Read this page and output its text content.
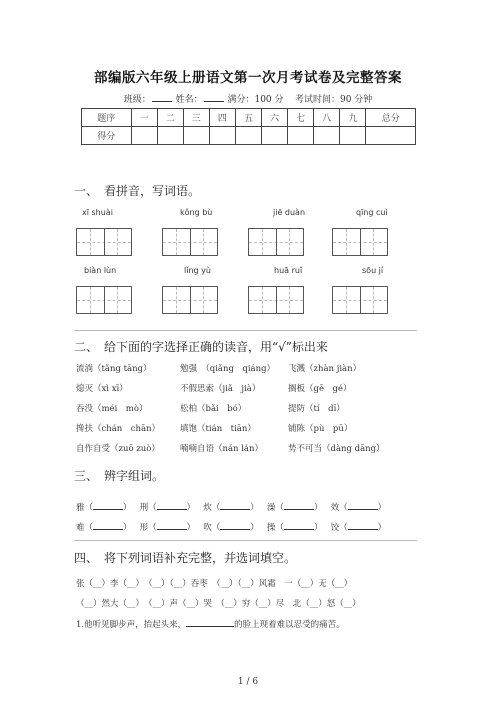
部编版六年级上册语文第一次月考试卷及完整答案
班级：	姓名：	满分：100 分 考试时间：90 分钟
题序	一	二	三	四	五	六	七	八	九	总分
得分										
一、　看拼音，写词语。
xī shuài	kǒng bù	jiē duàn	qīng cuì
biàn lùn	lǐng yù	huā ruǐ	sōu jí
二、　给下面的字选择正确的读音，用“√”标出来
流淌（tǎng tāng）	勉强　（qiǎng　qiáng） 飞溅（zhàn jiàn）
熄灭（xì xī）	不假思索（jiǎ　jià）	搁板（gē　gé）
吞没（méi　mò）	松柏（bǎi　bó）	提防（tí　dī）
搀扶（chán　chān） 填饱（tián　tiān）	铺陈（pù　pū）
自作自受（zuō zuò） 喃喃自语（nán lán）	势不可当（dàng dāng）
三、　辨字组词。
雅（	） 刑（	） 炊（	） 澡（	） 效（	）
难（	） 形（	） 吹（	） 操（	） 饺（	）
四、　将下列词语补充完整，并选词填空。
张（__）李（__）　（__）（__）吞枣　（__）（__）风霜　一（__）无（__）
（__）然大（__）　（__）声（__）哭　（__）穷（__）尽　北（__）怒（__）
1.他听见脚步声，抬起头来，	的脸上现着难以忍受的痛苦。
1 / 6
